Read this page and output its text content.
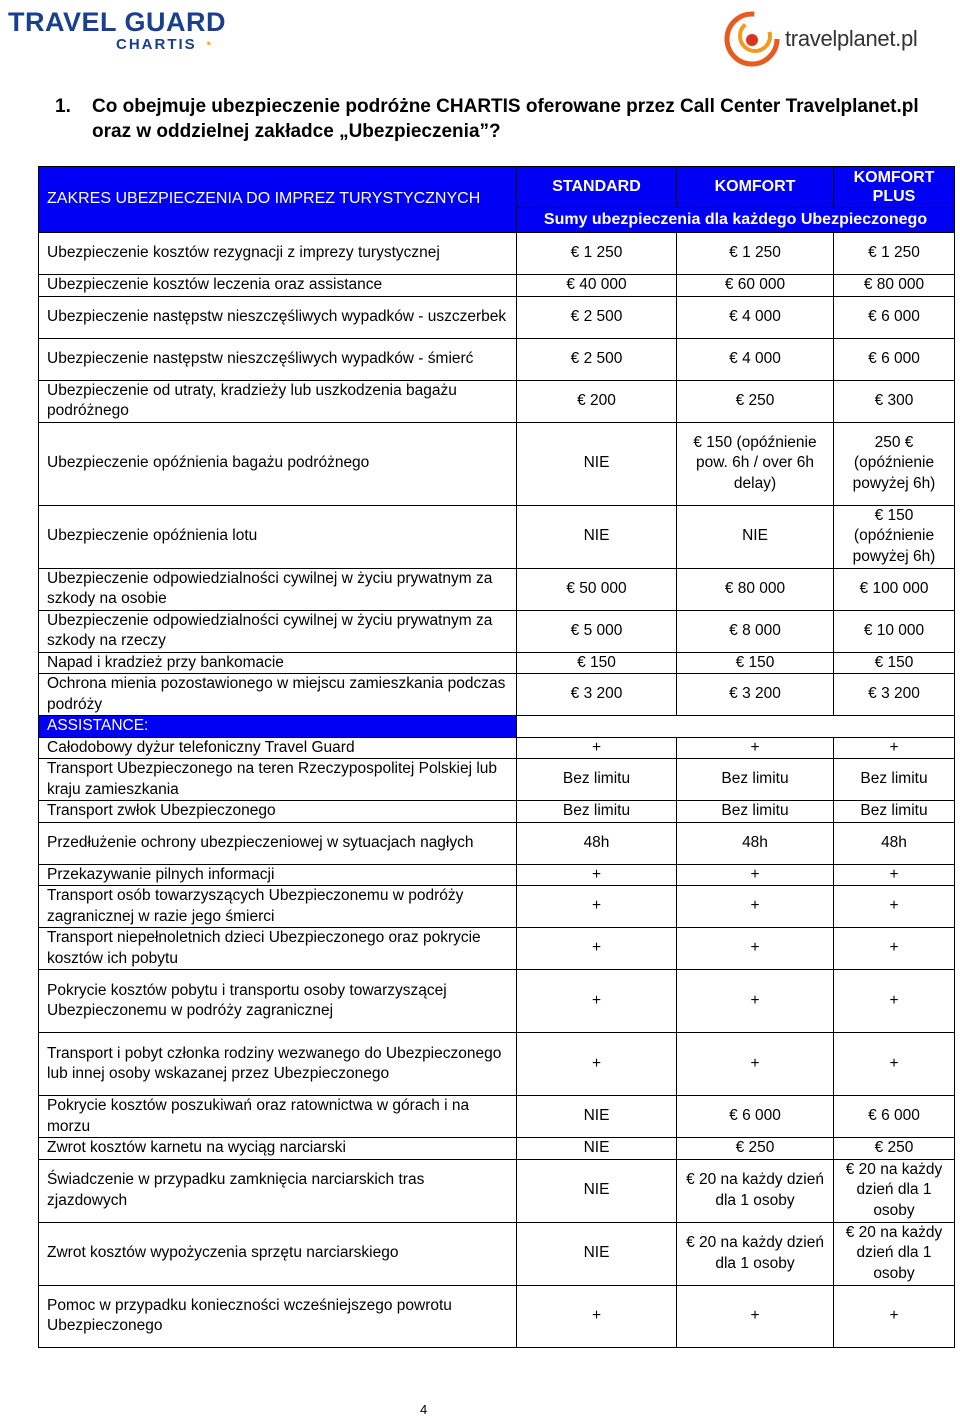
TRAVEL GUARD
CHARTIS ◔	travelplanet.pl
1. Co obejmuje ubezpieczenie podróżne CHARTIS oferowane przez Call Center Travelplanet.pl oraz w oddzielnej zakładce „Ubezpieczenia”?
ZAKRES UBEZPIECZENIA DO IMPREZ TURYSTYCZNYCH	STANDARD	KOMFORT	KOMFORT PLUS
	Sumy ubezpieczenia dla każdego Ubezpieczonego		
Ubezpieczenie kosztów rezygnacji z imprezy turystycznej	€ 1 250	€ 1 250	€ 1 250
Ubezpieczenie kosztów leczenia oraz assistance	€ 40 000	€ 60 000	€ 80 000
Ubezpieczenie następstw nieszczęśliwych wypadków - uszczerbek	€ 2 500	€ 4 000	€ 6 000
Ubezpieczenie następstw nieszczęśliwych wypadków - śmierć	€ 2 500	€ 4 000	€ 6 000
Ubezpieczenie od utraty, kradzieży lub uszkodzenia bagażu podróżnego	€ 200	€ 250	€ 300
Ubezpieczenie opóźnienia bagażu podróżnego	NIE	€ 150 (opóźnienie pow. 6h / over 6h delay)	250 € (opóźnienie powyżej 6h)
Ubezpieczenie opóźnienia lotu	NIE	NIE	€ 150 (opóźnienie powyżej 6h)
Ubezpieczenie odpowiedzialności cywilnej w życiu prywatnym za szkody na osobie	€ 50 000	€ 80 000	€ 100 000
Ubezpieczenie odpowiedzialności cywilnej w życiu prywatnym za szkody na rzeczy	€ 5 000	€ 8 000	€ 10 000
Napad i kradzież przy bankomacie	€ 150	€ 150	€ 150
Ochrona mienia pozostawionego w miejscu zamieszkania podczas podróży	€ 3 200	€ 3 200	€ 3 200
ASSISTANCE:			
Całodobowy dyżur telefoniczny Travel Guard	+	+	+
Transport Ubezpieczonego na teren Rzeczypospolitej Polskiej lub kraju zamieszkania	Bez limitu	Bez limitu	Bez limitu
Transport zwłok Ubezpieczonego	Bez limitu	Bez limitu	Bez limitu
Przedłużenie ochrony ubezpieczeniowej w sytuacjach nagłych	48h	48h	48h
Przekazywanie pilnych informacji	+	+	+
Transport osób towarzyszących Ubezpieczonemu w podróży zagranicznej w razie jego śmierci	+	+	+
Transport niepełnoletnich dzieci Ubezpieczonego oraz pokrycie kosztów ich pobytu	+	+	+
Pokrycie kosztów pobytu i transportu osoby towarzyszącej Ubezpieczonemu w podróży zagranicznej	+	+	+
Transport i pobyt członka rodziny wezwanego do Ubezpieczonego lub innej osoby wskazanej przez Ubezpieczonego	+	+	+
Pokrycie kosztów poszukiwań oraz ratownictwa w górach i na morzu	NIE	€ 6 000	€ 6 000
Zwrot kosztów karnetu na wyciąg narciarski	NIE	€ 250	€ 250
Świadczenie w przypadku zamknięcia narciarskich tras zjazdowych	NIE	€ 20 na każdy dzień dla 1 osoby	€ 20 na każdy dzień dla 1 osoby
Zwrot kosztów wypożyczenia sprzętu narciarskiego	NIE	€ 20 na każdy dzień dla 1 osoby	€ 20 na każdy dzień dla 1 osoby
Pomoc w przypadku konieczności wcześniejszego powrotu Ubezpieczonego	+	+	+
4
